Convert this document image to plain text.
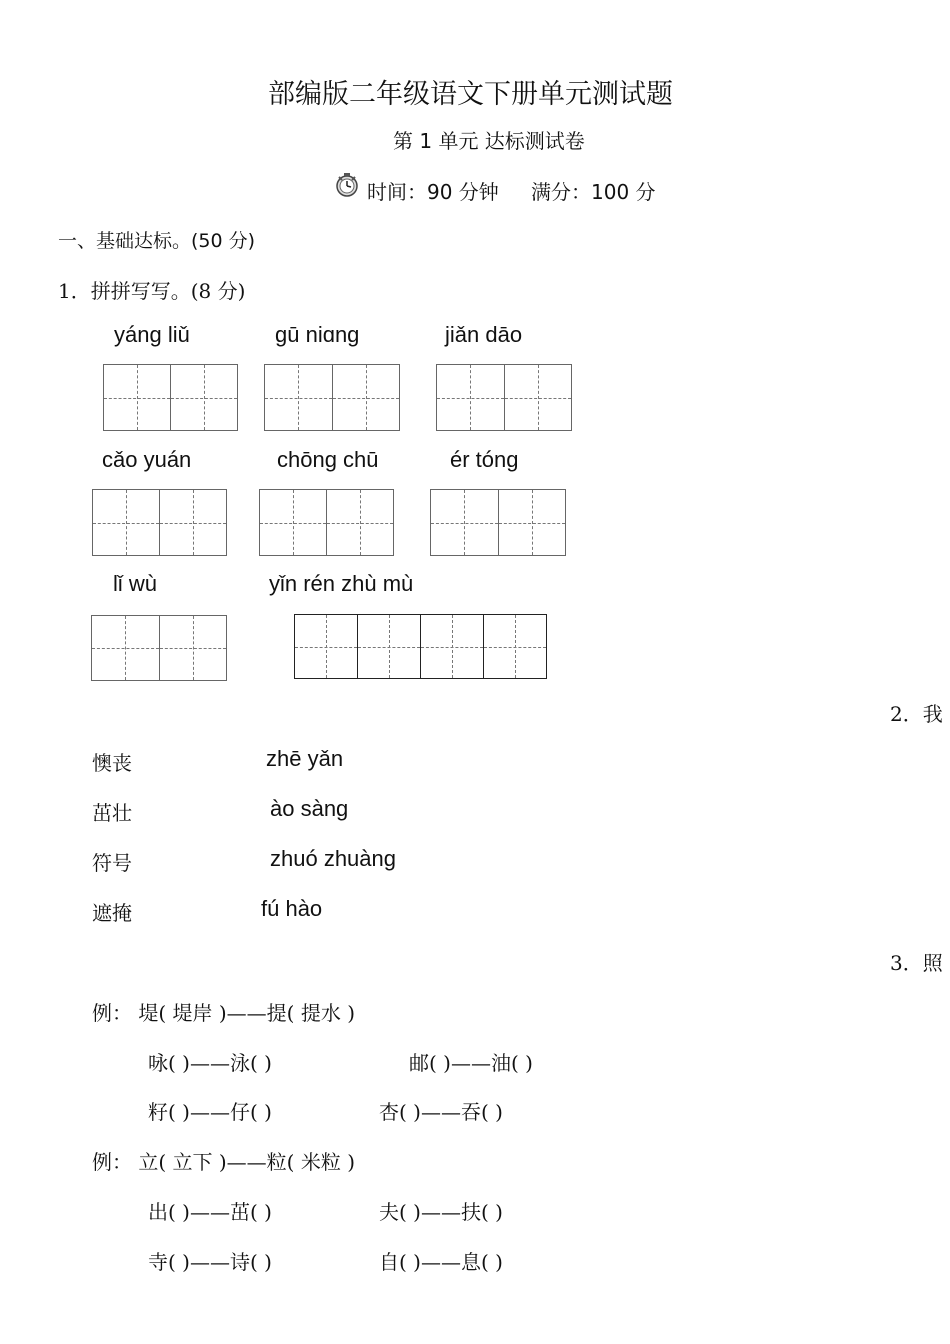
部编版二年级语文下册单元测试题
第 1 单元 达标测试卷
时间：90 分钟 满分：100 分
一、基础达标。(50 分)
1．拼拼写写。(8 分)
yáng liǔ	gū niɑng	jiǎn dāo
cǎo yuán	chōng chū	ér tóng
lǐ wù	yǐn rén zhù mù
2．我
懊丧	zhē yǎn
茁壮	ào sàng
符号	zhuó zhuàng
遮掩	fú hào
3．照
例： 堤( 堤岸 )——提( 提水 )
咏( )——泳( )	邮( )——油( )
籽( )——仔( )	杏( )——吞( )
例： 立( 立下 )——粒( 米粒 )
出( )——茁( )	夫( )——扶( )
寺( )——诗( )	自( )——息( )
